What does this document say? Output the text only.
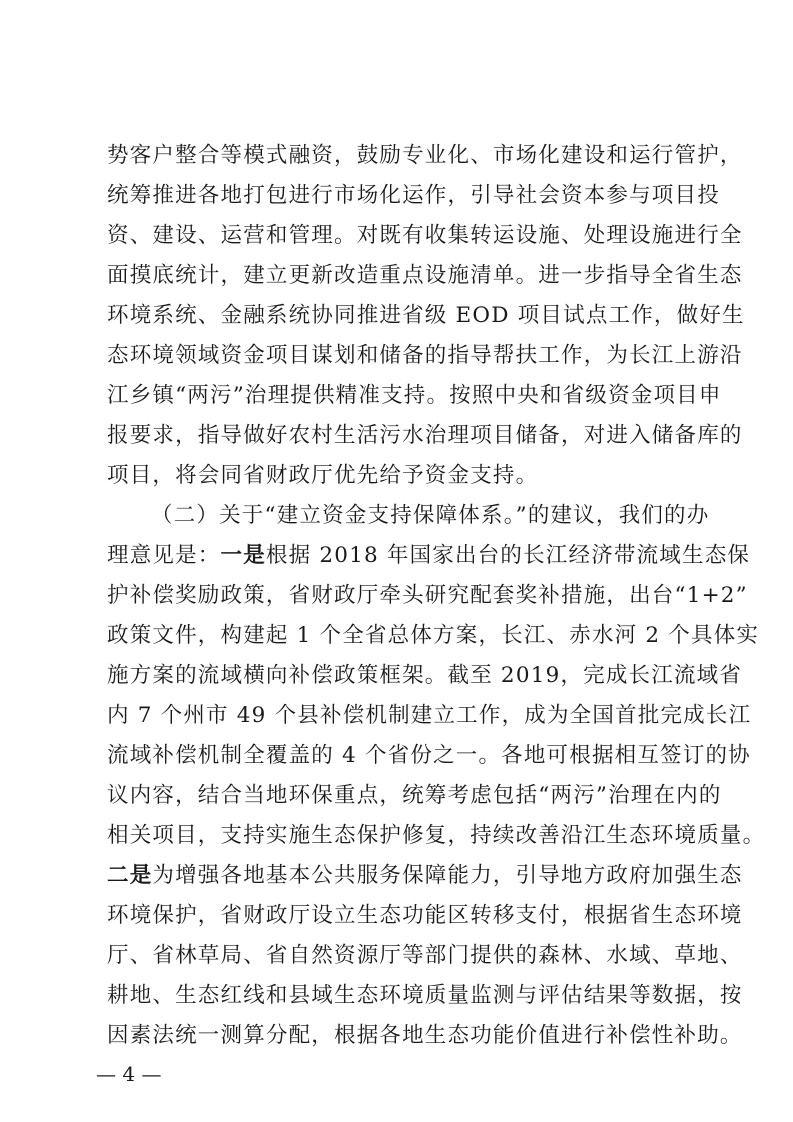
势客户整合等模式融资，鼓励专业化、市场化建设和运行管护，
统筹推进各地打包进行市场化运作，引导社会资本参与项目投
资、建设、运营和管理。对既有收集转运设施、处理设施进行全
面摸底统计，建立更新改造重点设施清单。进一步指导全省生态
环境系统、金融系统协同推进省级 EOD 项目试点工作，做好生
态环境领域资金项目谋划和储备的指导帮扶工作，为长江上游沿
江乡镇“两污”治理提供精准支持。按照中央和省级资金项目申
报要求，指导做好农村生活污水治理项目储备，对进入储备库的
项目，将会同省财政厅优先给予资金支持。
（二）关于“建立资金支持保障体系。”的建议，我们的办
理意见是：一是根据 2018 年国家出台的长江经济带流域生态保
护补偿奖励政策，省财政厅牵头研究配套奖补措施，出台“1+2”
政策文件，构建起 1 个全省总体方案，长江、赤水河 2 个具体实
施方案的流域横向补偿政策框架。截至 2019，完成长江流域省
内 7 个州市 49 个县补偿机制建立工作，成为全国首批完成长江
流域补偿机制全覆盖的 4 个省份之一。各地可根据相互签订的协
议内容，结合当地环保重点，统筹考虑包括“两污”治理在内的
相关项目，支持实施生态保护修复，持续改善沿江生态环境质量。
二是为增强各地基本公共服务保障能力，引导地方政府加强生态
环境保护，省财政厅设立生态功能区转移支付，根据省生态环境
厅、省林草局、省自然资源厅等部门提供的森林、水域、草地、
耕地、生态红线和县域生态环境质量监测与评估结果等数据，按
因素法统一测算分配，根据各地生态功能价值进行补偿性补助。
— 4 —
